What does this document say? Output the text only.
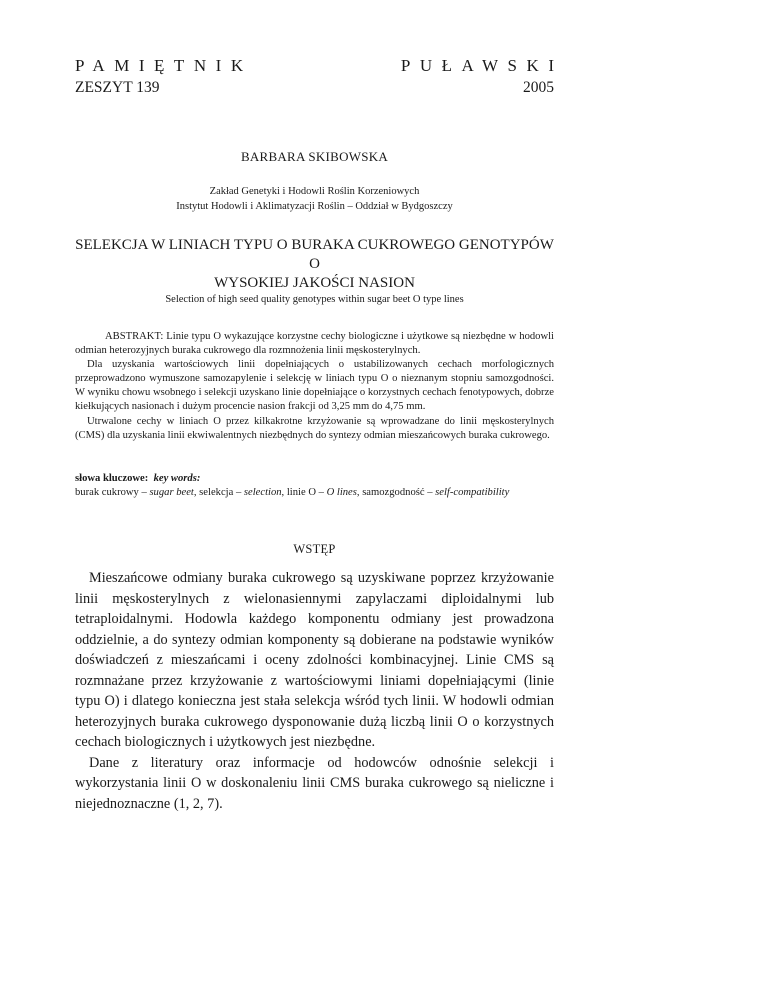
PAMIĘTNIK	PUŁAWSKI
ZESZYT 139	2005
BARBARA SKIBOWSKA
Zakład Genetyki i Hodowli Roślin Korzeniowych
Instytut Hodowli i Aklimatyzacji Roślin – Oddział w Bydgoszczy
SELEKCJA W LINIACH TYPU O BURAKA CUKROWEGO GENOTYPÓW O
WYSOKIEJ JAKOŚCI NASION
Selection of high seed quality genotypes within sugar beet O type lines

ABSTRAKT: Linie typu O wykazujące korzystne cechy biologiczne i użytkowe są niezbędne w hodowli odmian heterozyjnych buraka cukrowego dla rozmnożenia linii męskosterylnych.

Dla uzyskania wartościowych linii dopełniających o ustabilizowanych cechach morfologicznych przeprowadzono wymuszone samozapylenie i selekcję w liniach typu O o nieznanym stopniu samozgodności. W wyniku chowu wsobnego i selekcji uzyskano linie dopełniające o korzystnych cechach fenotypowych, dobrze kiełkujących nasionach i dużym procencie nasion frakcji od 3,25 mm do 4,75 mm.

Utrwalone cechy w liniach O przez kilkakrotne krzyżowanie są wprowadzane do linii męskosterylnych (CMS) dla uzyskania linii ekwiwalentnych niezbędnych do syntezy odmian mieszańcowych buraka cukrowego.

słowa kluczowe: key words:
burak cukrowy – sugar beet, selekcja – selection, linie O – O lines, samozgodność – self-compatibility
WSTĘP

Mieszańcowe odmiany buraka cukrowego są uzyskiwane poprzez krzyżowanie linii męskosterylnych z wielonasiennymi zapylaczami diploidalnymi lub tetraploidalnymi. Hodowla każdego komponentu odmiany jest prowadzona oddzielnie, a do syntezy odmian komponenty są dobierane na podstawie wyników doświadczeń z mieszańcami i oceny zdolności kombinacyjnej. Linie CMS są rozmnażane przez krzyżowanie z wartościowymi liniami dopełniającymi (linie typu O) i dlatego konieczna jest stała selekcja wśród tych linii. W hodowli odmian heterozyjnych buraka cukrowego dysponowanie dużą liczbą linii O o korzystnych cechach biologicznych i użytkowych jest niezbędne.

Dane z literatury oraz informacje od hodowców odnośnie selekcji i wykorzystania linii O w doskonaleniu linii CMS buraka cukrowego są nieliczne i niejednoznaczne (1, 2, 7).
